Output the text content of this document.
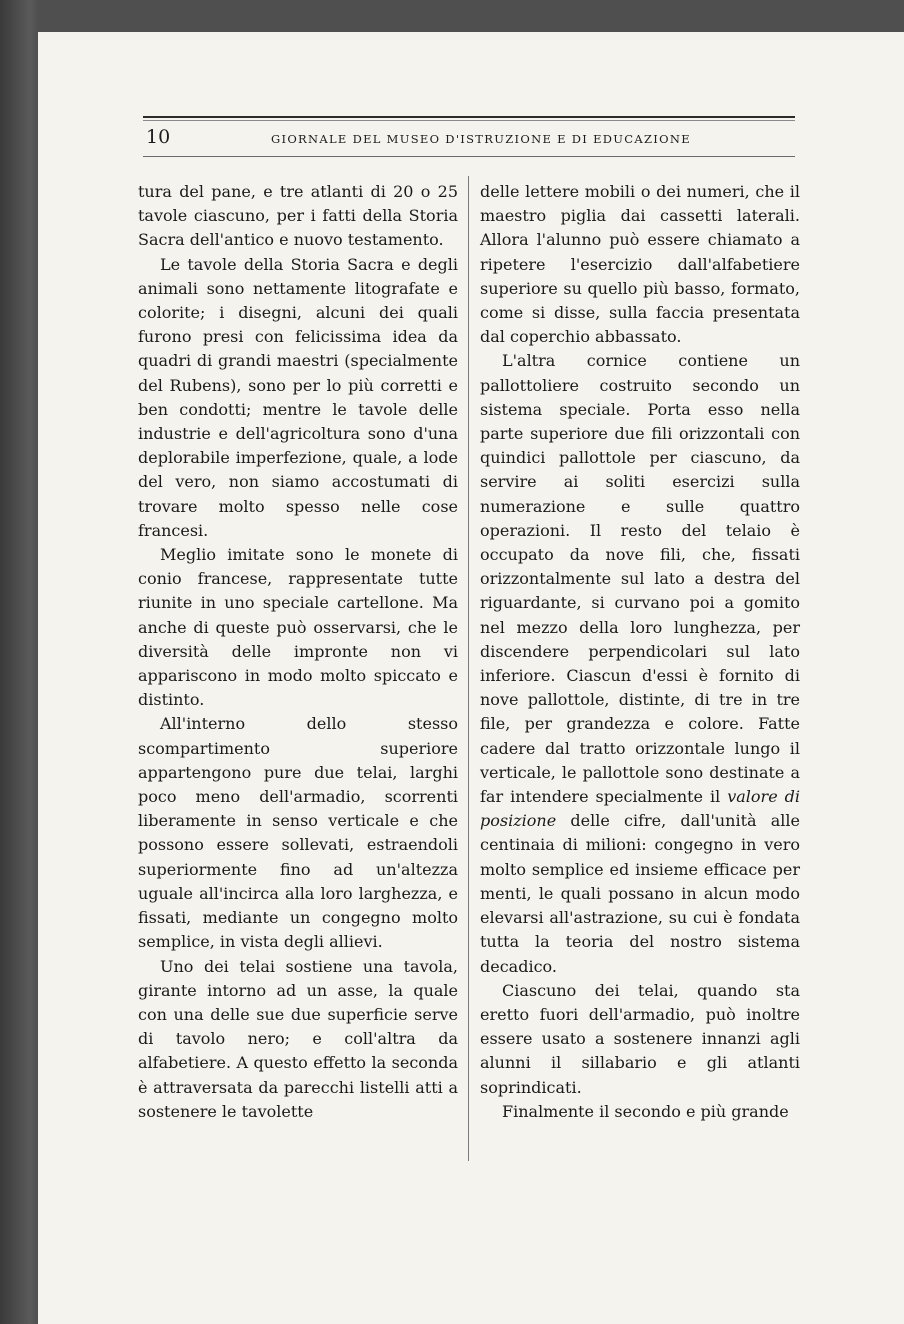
10	GIORNALE DEL MUSEO D'ISTRUZIONE E DI EDUCAZIONE

tura del pane, e tre atlanti di 20 o 25 tavole ciascuno, per i fatti della Storia Sacra dell'antico e nuovo testamento.

Le tavole della Storia Sacra e degli animali sono nettamente litografate e colorite; i disegni, alcuni dei quali furono presi con felicissima idea da quadri di grandi maestri (specialmente del Rubens), sono per lo più corretti e ben condotti; mentre le tavole delle industrie e dell'agricoltura sono d'una deplorabile imperfezione, quale, a lode del vero, non siamo accostumati di trovare molto spesso nelle cose francesi.

Meglio imitate sono le monete di conio francese, rappresentate tutte riunite in uno speciale cartellone. Ma anche di queste può osservarsi, che le diversità delle impronte non vi appariscono in modo molto spiccato e distinto.

All'interno dello stesso scompartimento superiore appartengono pure due telai, larghi poco meno dell'armadio, scorrenti liberamente in senso verticale e che possono essere sollevati, estraendoli superiormente fino ad un'altezza uguale all'incirca alla loro larghezza, e fissati, mediante un congegno molto semplice, in vista degli allievi.

Uno dei telai sostiene una tavola, girante intorno ad un asse, la quale con una delle sue due superficie serve di tavolo nero; e coll'altra da alfabetiere. A questo effetto la seconda è attraversata da parecchi listelli atti a sostenere le tavolette

delle lettere mobili o dei numeri, che il maestro piglia dai cassetti laterali. Allora l'alunno può essere chiamato a ripetere l'esercizio dall'alfabetiere superiore su quello più basso, formato, come si disse, sulla faccia presentata dal coperchio abbassato.

L'altra cornice contiene un pallottoliere costruito secondo un sistema speciale. Porta esso nella parte superiore due fili orizzontali con quindici pallottole per ciascuno, da servire ai soliti esercizi sulla numerazione e sulle quattro operazioni. Il resto del telaio è occupato da nove fili, che, fissati orizzontalmente sul lato a destra del riguardante, si curvano poi a gomito nel mezzo della loro lunghezza, per discendere perpendicolari sul lato inferiore. Ciascun d'essi è fornito di nove pallottole, distinte, di tre in tre file, per grandezza e colore. Fatte cadere dal tratto orizzontale lungo il verticale, le pallottole sono destinate a far intendere specialmente il valore di posizione delle cifre, dall'unità alle centinaia di milioni: congegno in vero molto semplice ed insieme efficace per menti, le quali possano in alcun modo elevarsi all'astrazione, su cui è fondata tutta la teoria del nostro sistema decadico.

Ciascuno dei telai, quando sta eretto fuori dell'armadio, può inoltre essere usato a sostenere innanzi agli alunni il sillabario e gli atlanti soprindicati.

Finalmente il secondo e più grande
